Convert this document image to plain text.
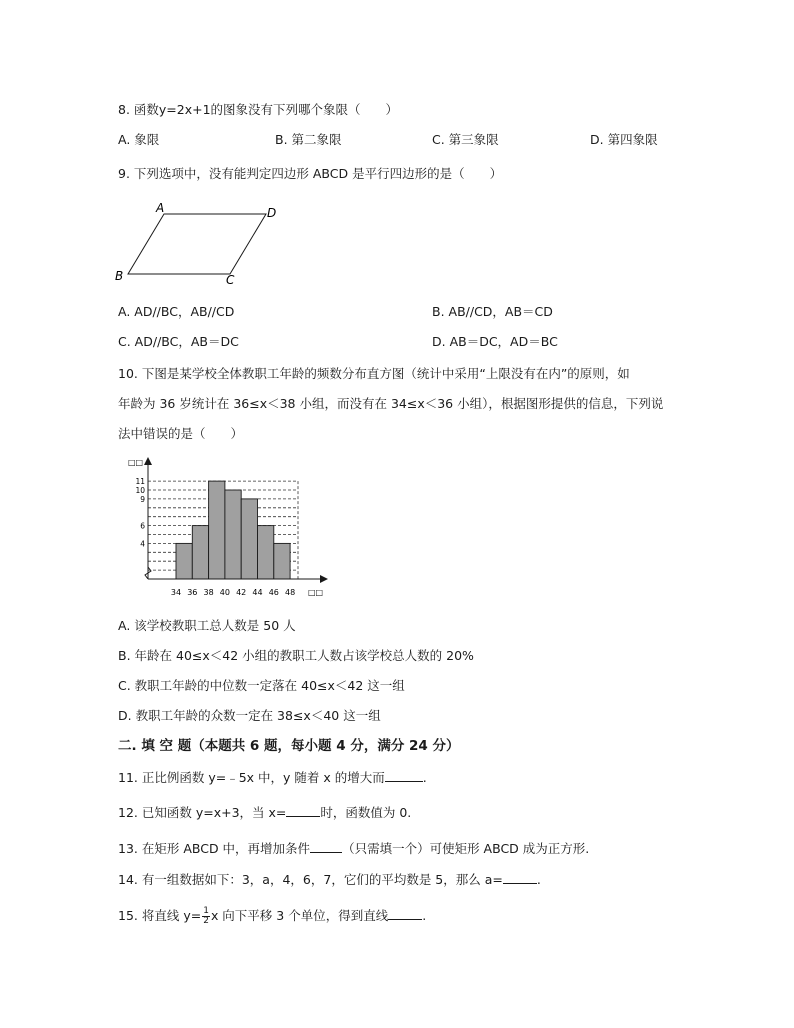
8. 函数y=2x+1的图象没有下列哪个象限（　　）
A. 象限	B. 第二象限	C. 第三象限	D. 第四象限
9. 下列选项中，没有能判定四边形 ABCD 是平行四边形的是（　　）
A	D
B	C
A. AD//BC，AB//CD	B. AB//CD，AB＝CD
C. AD//BC，AB＝DC	D. AB＝DC，AD＝BC
10. 下图是某学校全体教职工年龄的频数分布直方图（统计中采用“上限没有在内”的原则，如
年龄为 36 岁统计在 36≤x＜38 小组，而没有在 34≤x＜36 小组），根据图形提供的信息，下列说
法中错误的是（　　）
4
6
9
10
11
34 36 38 40 42 44 46 48
□□
□□
A. 该学校教职工总人数是 50 人
B. 年龄在 40≤x＜42 小组的教职工人数占该学校总人数的 20%
C. 教职工年龄的中位数一定落在 40≤x＜42 这一组
D. 教职工年龄的众数一定在 38≤x＜40 这一组
二. 填 空 题（本题共 6 题，每小题 4 分，满分 24 分）
11. 正比例函数 y=﹣5x 中，y 随着 x 的增大而	.
12. 已知函数 y=x+3，当 x=	时，函数值为 0.
13. 在矩形 ABCD 中，再增加条件	（只需填一个）可使矩形 ABCD 成为正方形.
14. 有一组数据如下：3，a，4，6，7，它们的平均数是 5，那么 a=	.
15. 将直线 $y= \frac{1}{2}$ x 向下平移 3 个单位，得到直线	.
